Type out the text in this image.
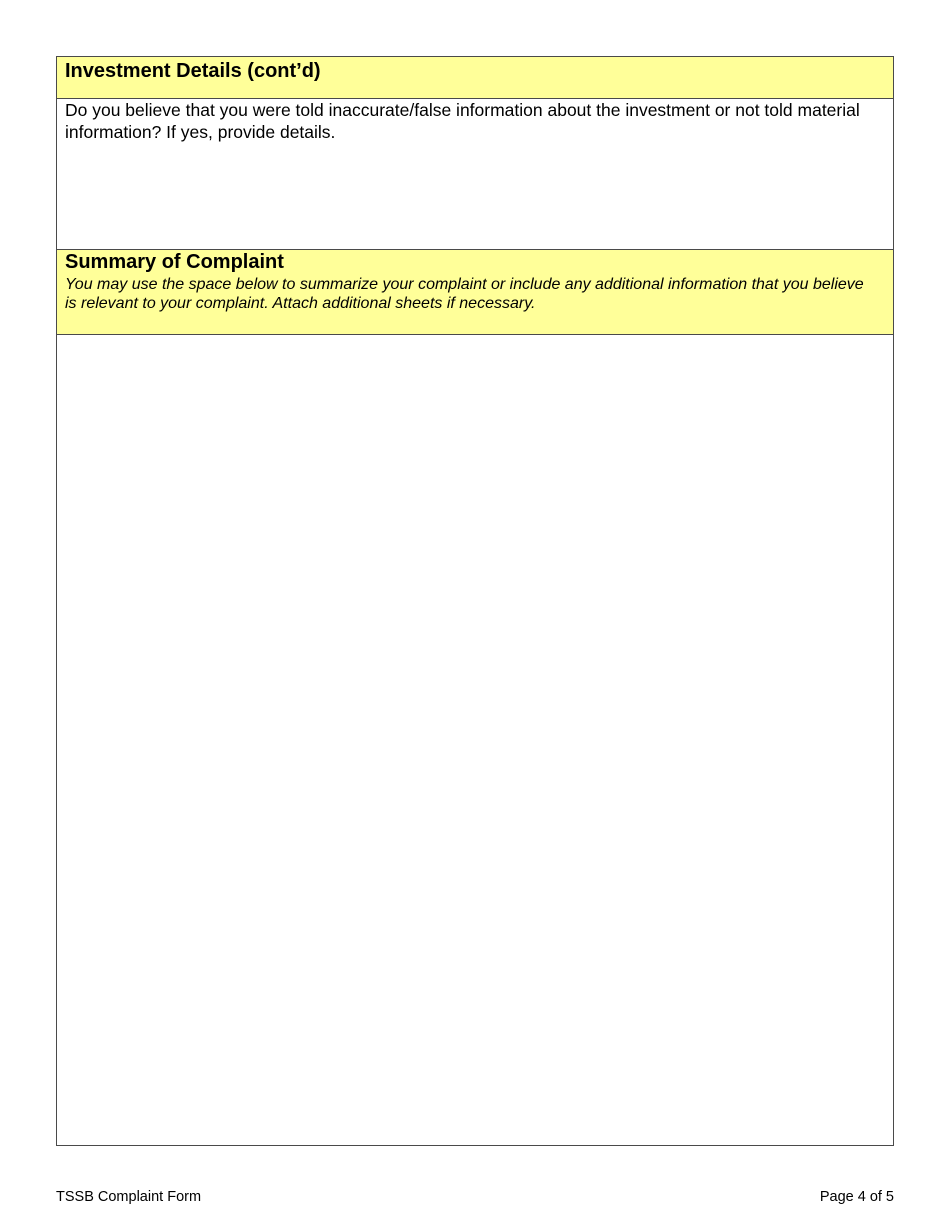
Investment Details (cont’d)

Do you believe that you were told inaccurate/false information about the investment or not told material information? If yes, provide details.

Summary of Complaint

You may use the space below to summarize your complaint or include any additional information that you believe is relevant to your complaint. Attach additional sheets if necessary.

TSSB Complaint Form	Page 4 of 5
